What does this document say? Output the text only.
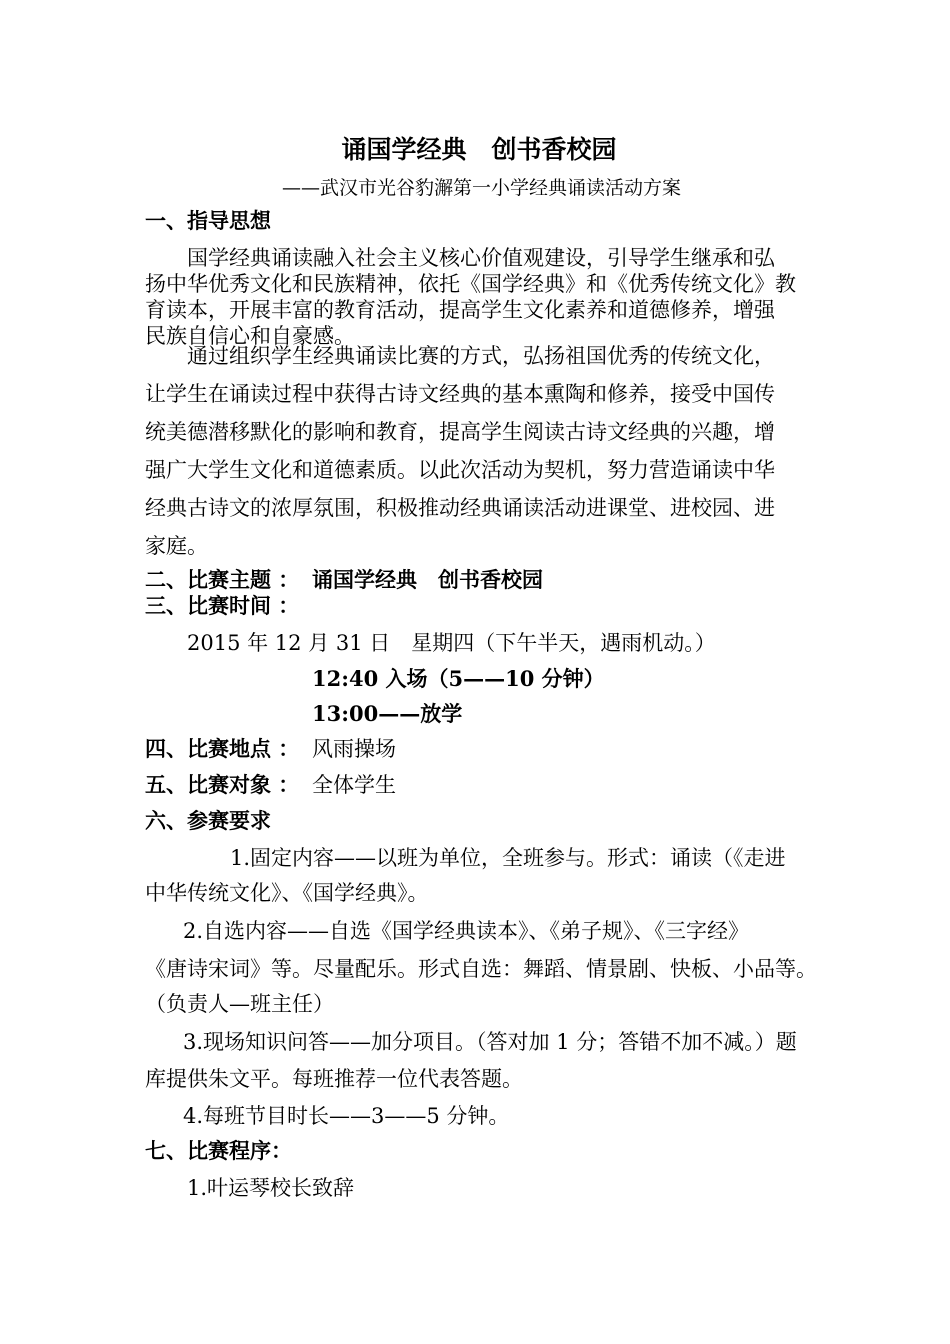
诵国学经典　创书香校园
——武汉市光谷豹澥第一小学经典诵读活动方案
一、指导思想
国学经典诵读融入社会主义核心价值观建设，引导学生继承和弘
扬中华优秀文化和民族精神，依托《国学经典》和《优秀传统文化》教
育读本，开展丰富的教育活动，提高学生文化素养和道德修养，增强
民族自信心和自豪感。
通过组织学生经典诵读比赛的方式，弘扬祖国优秀的传统文化，
让学生在诵读过程中获得古诗文经典的基本熏陶和修养，接受中国传
统美德潜移默化的影响和教育，提高学生阅读古诗文经典的兴趣，增
强广大学生文化和道德素质。以此次活动为契机，努力营造诵读中华
经典古诗文的浓厚氛围，积极推动经典诵读活动进课堂、进校园、进
家庭。
二、比赛主题 ： 诵国学经典　创书香校园
三、比赛时间 ：
2015 年 12 月 31 日　星期四（下午半天，遇雨机动。）
12:40 入场（5——10 分钟）
13:00——放学
四、比赛地点 ： 风雨操场
五、比赛对象 ： 全体学生
六、参赛要求
1.固定内容——以班为单位，全班参与。形式：诵读（《走进
中华传统文化》、《国学经典》。
2.自选内容——自选《国学经典读本》、《弟子规》、《三字经》
《唐诗宋词》等。尽量配乐。形式自选：舞蹈、情景剧、快板、小品等。
（负责人—班主任）
3.现场知识问答——加分项目。（答对加 1 分；答错不加不减。）题
库提供朱文平。每班推荐一位代表答题。
4.每班节目时长——3——5 分钟。
七、比赛程序：
1.叶运琴校长致辞
